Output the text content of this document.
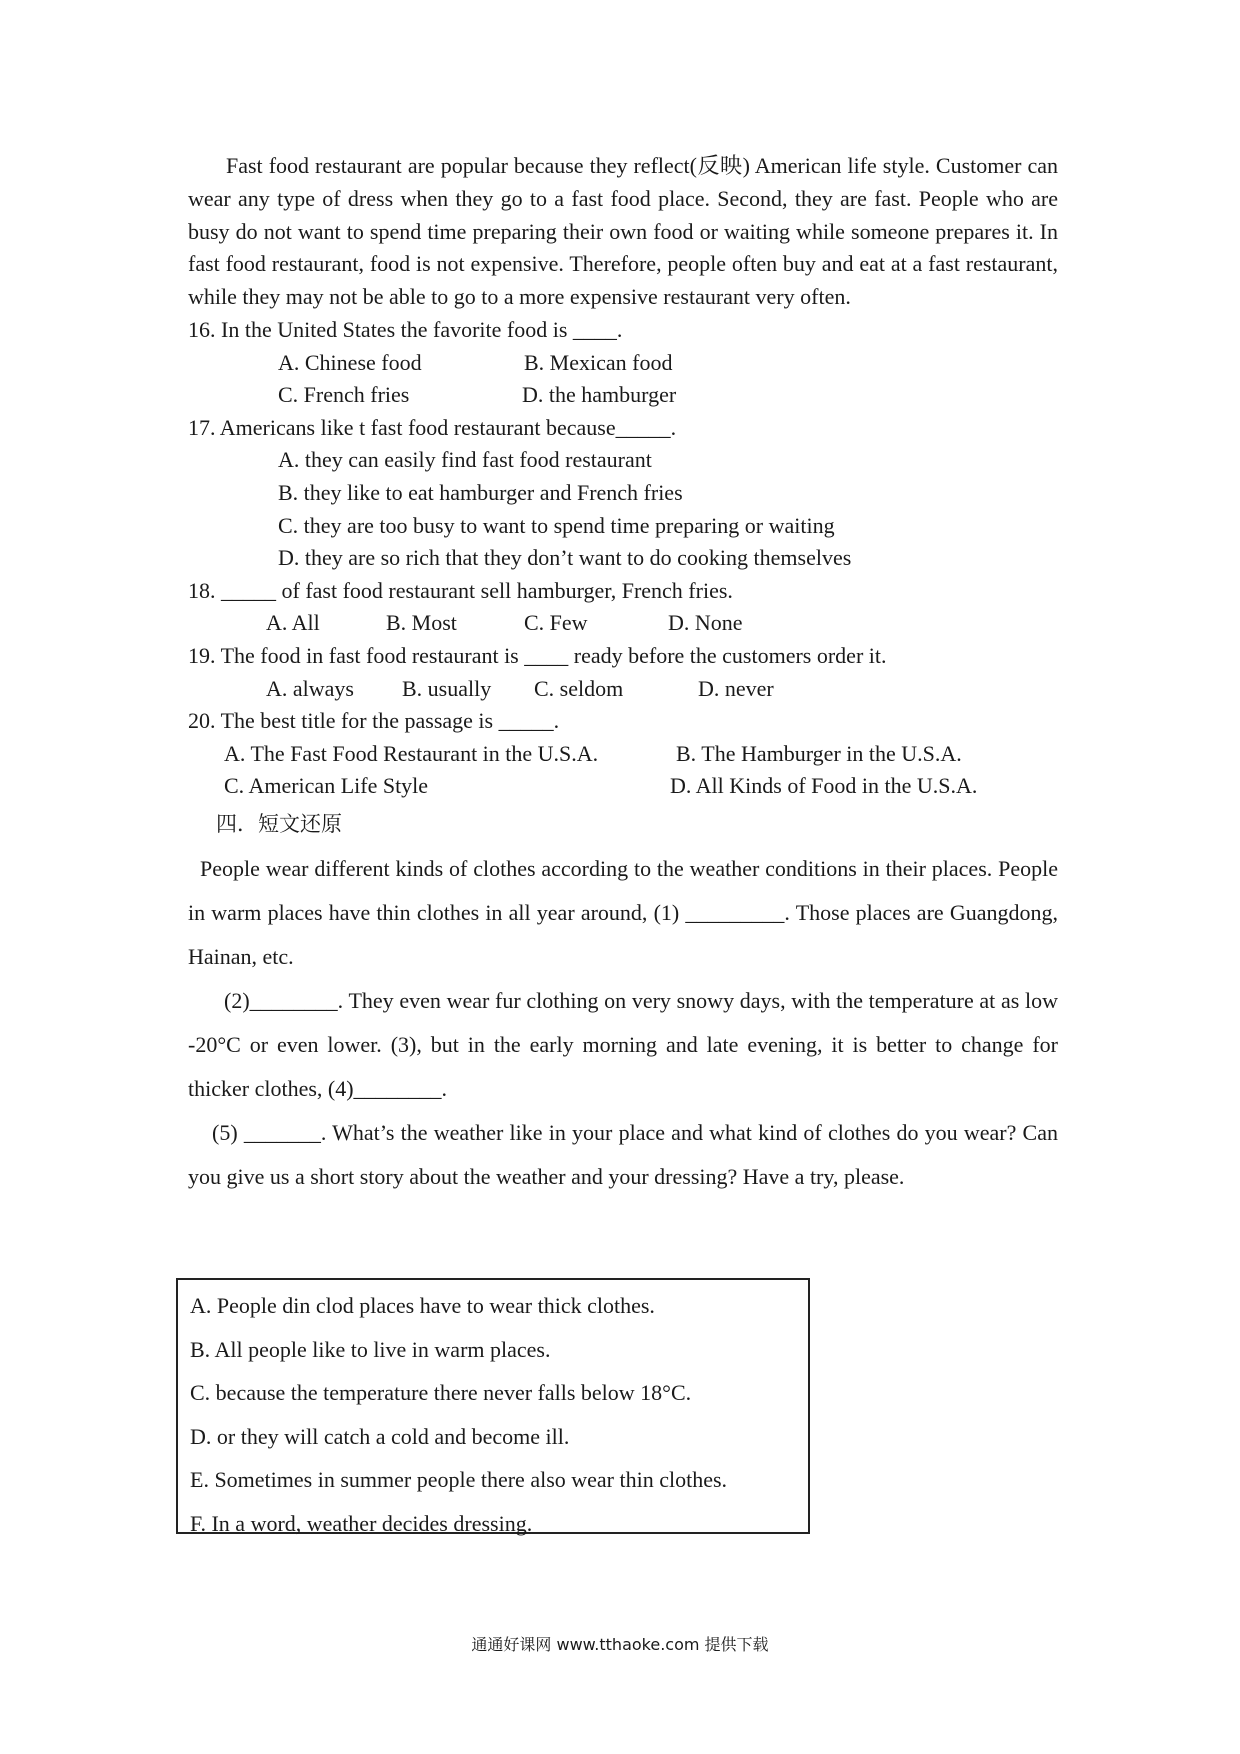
Fast food restaurant are popular because they reflect(反映) American life style. Customer can wear any type of dress when they go to a fast food place. Second, they are fast. People who are busy do not want to spend time preparing their own food or waiting while someone prepares it. In fast food restaurant, food is not expensive. Therefore, people often buy and eat at a fast restaurant, while they may not be able to go to a more expensive restaurant very often.

16. In the United States the favorite food is ____.

A. Chinese food	B. Mexican food
C. French fries	D. the hamburger

17. Americans like t fast food restaurant because_____.

A. they can easily find fast food restaurant

B. they like to eat hamburger and French fries

C. they are too busy to want to spend time preparing or waiting

D. they are so rich that they don’t want to do cooking themselves

18. _____ of fast food restaurant sell hamburger, French fries.

A. All	B. Most	C. Few	D. None

19. The food in fast food restaurant is ____ ready before the customers order it.

A. always	B. usually	C. seldom	D. never

20. The best title for the passage is _____.

A. The Fast Food Restaurant in the U.S.A.	B. The Hamburger in the U.S.A.
C. American Life Style	D. All Kinds of Food in the U.S.A.

四．短文还原

People wear different kinds of clothes according to the weather conditions in their places. People in warm places have thin clothes in all year around, (1) _________. Those places are Guangdong, Hainan, etc.

(2)________. They even wear fur clothing on very snowy days, with the temperature at as low -20°C or even lower. (3), but in the early morning and late evening, it is better to change for thicker clothes, (4)________.

(5) _______. What’s the weather like in your place and what kind of clothes do you wear? Can you give us a short story about the weather and your dressing? Have a try, please.

A. People din clod places have to wear thick clothes.

B. All people like to live in warm places.

C. because the temperature there never falls below 18°C.

D. or they will catch a cold and become ill.

E. Sometimes in summer people there also wear thin clothes.

F. In a word, weather decides dressing.

通通好课网 www.tthaoke.com 提供下载
